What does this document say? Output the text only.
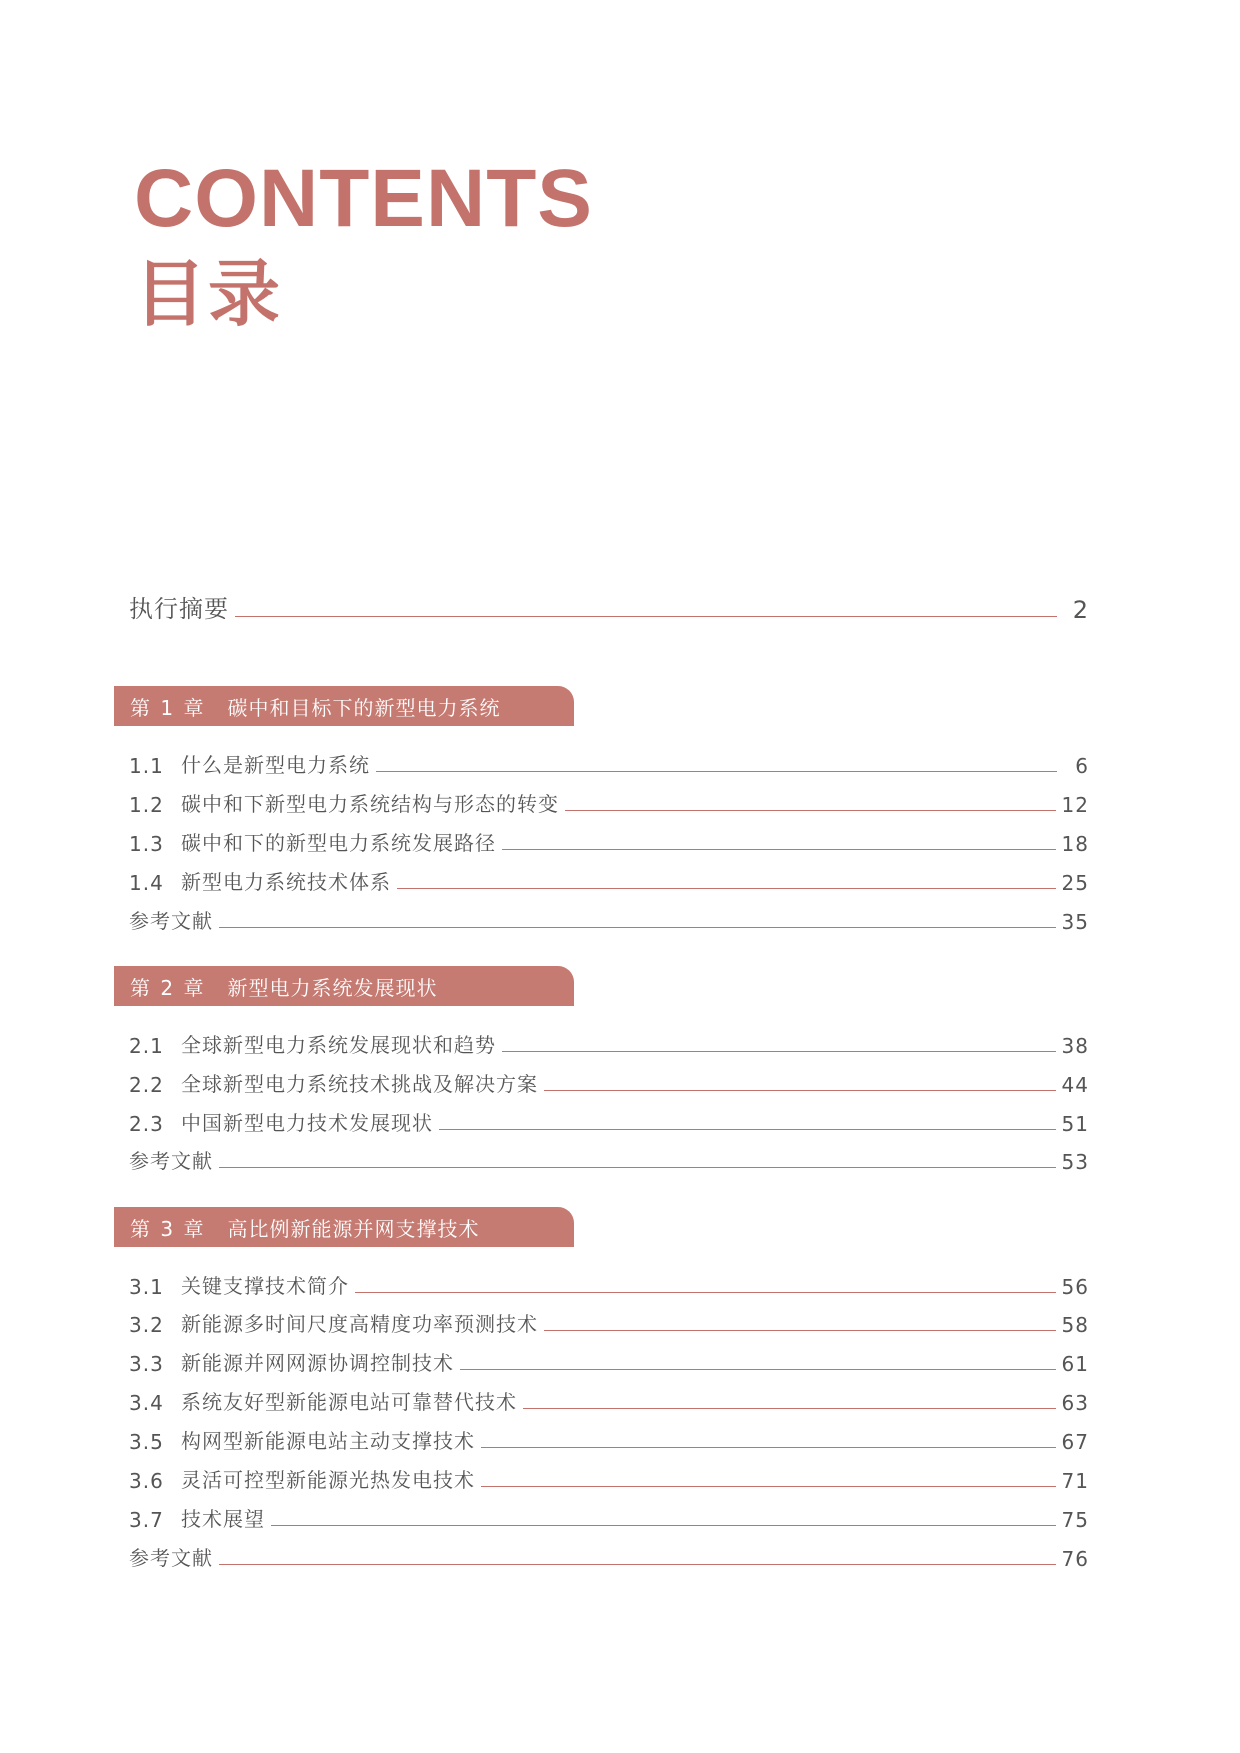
CONTENTS
目录
执行摘要	2
第 1 章 碳中和目标下的新型电力系统
1.1 什么是新型电力系统	6
1.2 碳中和下新型电力系统结构与形态的转变	12
1.3 碳中和下的新型电力系统发展路径	18
1.4 新型电力系统技术体系	25
参考文献	35
第 2 章 新型电力系统发展现状
2.1 全球新型电力系统发展现状和趋势	38
2.2 全球新型电力系统技术挑战及解决方案	44
2.3 中国新型电力技术发展现状	51
参考文献	53
第 3 章 高比例新能源并网支撑技术
3.1 关键支撑技术简介	56
3.2 新能源多时间尺度高精度功率预测技术	58
3.3 新能源并网网源协调控制技术	61
3.4 系统友好型新能源电站可靠替代技术	63
3.5 构网型新能源电站主动支撑技术	67
3.6 灵活可控型新能源光热发电技术	71
3.7 技术展望	75
参考文献	76
